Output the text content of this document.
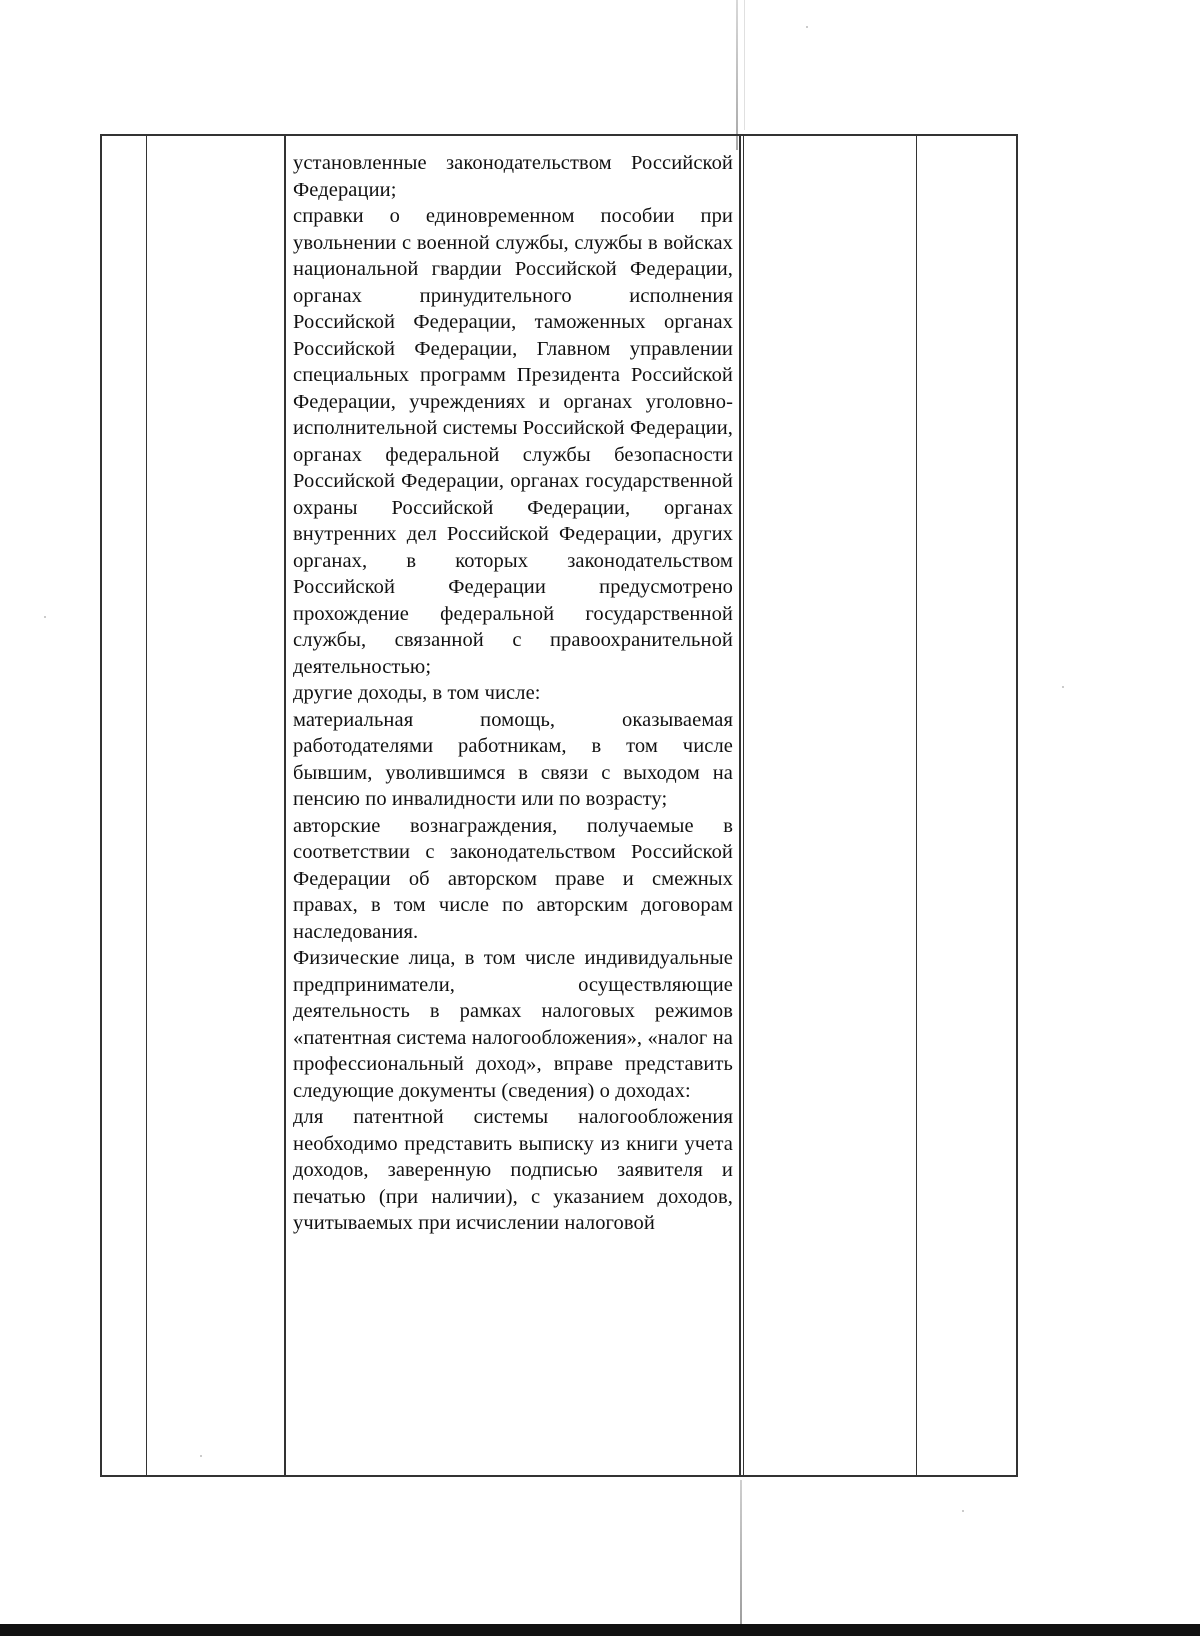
установленные законодательством Российской Федерации;

справки о единовременном пособии при увольнении с военной службы, службы в войсках национальной гвардии Российской Федерации, органах принудительного исполнения Российской Федерации, таможенных органах Российской Федерации, Главном управлении специальных программ Президента Российской Федерации, учреждениях и органах уголовно-исполнительной системы Российской Федерации, органах федеральной службы безопасности Российской Федерации, органах государственной охраны Российской Федерации, органах внутренних дел Российской Федерации, других органах, в которых законодательством Российской Федерации предусмотрено прохождение федеральной государственной службы, связанной с правоохранительной деятельностью;

другие доходы, в том числе:

материальная помощь, оказываемая работодателями работникам, в том числе бывшим, уволившимся в связи с выходом на пенсию по инвалидности или по возрасту;

авторские вознаграждения, получаемые в соответствии с законодательством Российской Федерации об авторском праве и смежных правах, в том числе по авторским договорам наследования.

Физические лица, в том числе индивидуальные предприниматели, осуществляющие деятельность в рамках налоговых режимов «патентная система налогообложения», «налог на профессиональный доход», вправе представить следующие документы (сведения) о доходах:

для патентной системы налогообложения необходимо представить выписку из книги учета доходов, заверенную подписью заявителя и печатью (при наличии), с указанием доходов, учитываемых при исчислении налоговой
